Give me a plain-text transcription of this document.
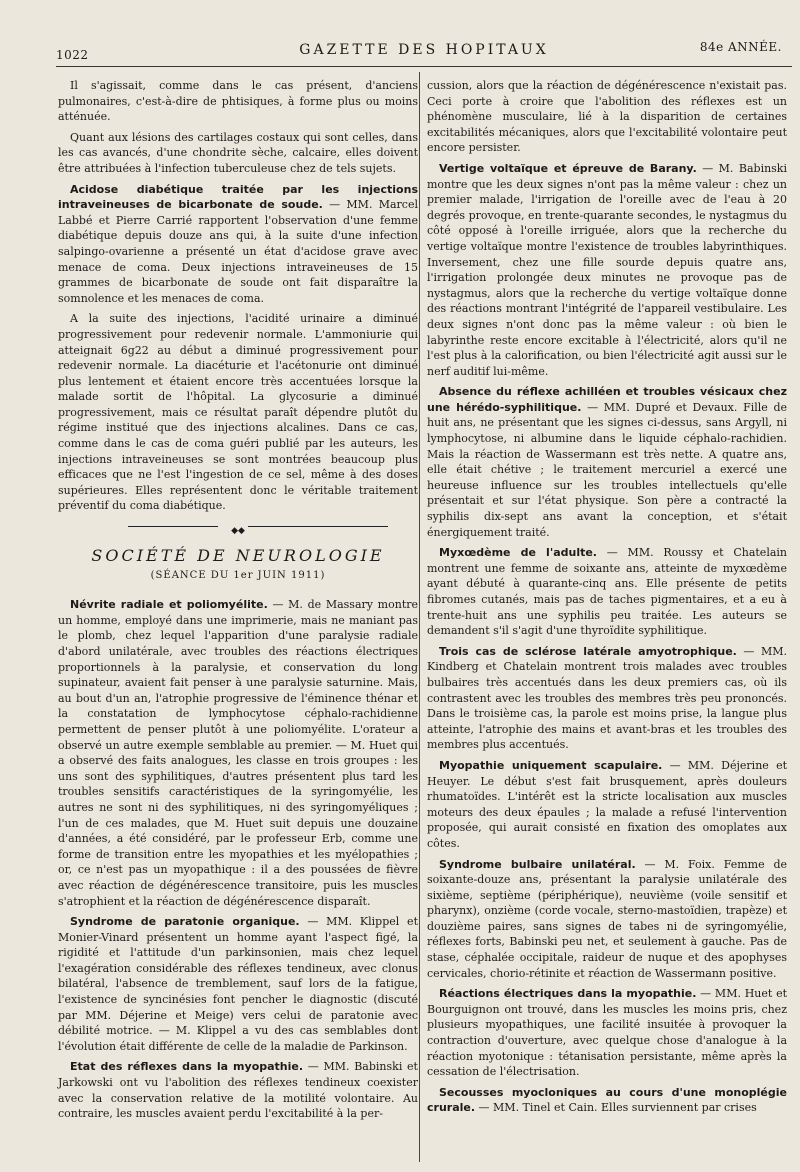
1022	GAZETTE DES HOPITAUX	84e ANNÉE.

Il s'agissait, comme dans le cas présent, d'anciens pulmonaires, c'est-à-dire de phtisiques, à forme plus ou moins atténuée.

Quant aux lésions des cartilages costaux qui sont celles, dans les cas avancés, d'une chondrite sèche, calcaire, elles doivent être attribuées à l'infection tuberculeuse chez de tels sujets.

Acidose diabétique traitée par les injections intraveineuses de bicarbonate de soude. — MM. Marcel Labbé et Pierre Carrié rapportent l'observation d'une femme diabétique depuis douze ans qui, à la suite d'une infection salpingo-ovarienne a présenté un état d'acidose grave avec menace de coma. Deux injections intraveineuses de 15 grammes de bicarbonate de soude ont fait disparaître la somnolence et les menaces de coma.

A la suite des injections, l'acidité urinaire a diminué progressivement pour redevenir normale. L'ammoniurie qui atteignait 6g22 au début a diminué progressivement pour redevenir normale. La diacéturie et l'acétonurie ont diminué plus lentement et étaient encore très accentuées lorsque la malade sortit de l'hôpital. La glycosurie a diminué progressivement, mais ce résultat paraît dépendre plutôt du régime institué que des injections alcalines. Dans ce cas, comme dans le cas de coma guéri publié par les auteurs, les injections intraveineuses se sont montrées beaucoup plus efficaces que ne l'est l'ingestion de ce sel, même à des doses supérieures. Elles représentent donc le véritable traitement préventif du coma diabétique.

◆◆
SOCIÉTÉ DE NEUROLOGIE
(SÉANCE DU 1er JUIN 1911)

Névrite radiale et poliomyélite. — M. de Massary montre un homme, employé dans une imprimerie, mais ne maniant pas le plomb, chez lequel l'apparition d'une paralysie radiale d'abord unilatérale, avec troubles des réactions électriques proportionnels à la paralysie, et conservation du long supinateur, avaient fait penser à une paralysie saturnine. Mais, au bout d'un an, l'atrophie progressive de l'éminence thénar et la constatation de lymphocytose céphalo-rachidienne permettent de penser plutôt à une poliomyélite. L'orateur a observé un autre exemple semblable au premier. — M. Huet qui a observé des faits analogues, les classe en trois groupes : les uns sont des syphilitiques, d'autres présentent plus tard les troubles sensitifs caractéristiques de la syringomyélie, les autres ne sont ni des syphilitiques, ni des syringomyéliques ; l'un de ces malades, que M. Huet suit depuis une douzaine d'années, a été considéré, par le professeur Erb, comme une forme de transition entre les myopathies et les myélopathies ; or, ce n'est pas un myopathique : il a des poussées de fièvre avec réaction de dégénérescence transitoire, puis les muscles s'atrophient et la réaction de dégénérescence disparaît.

Syndrome de paratonie organique. — MM. Klippel et Monier-Vinard présentent un homme ayant l'aspect figé, la rigidité et l'attitude d'un parkinsonien, mais chez lequel l'exagération considérable des réflexes tendineux, avec clonus bilatéral, l'absence de tremblement, sauf lors de la fatigue, l'existence de syncinésies font pencher le diagnostic (discuté par MM. Déjerine et Meige) vers celui de paratonie avec débilité motrice. — M. Klippel a vu des cas semblables dont l'évolution était différente de celle de la maladie de Parkinson.

Etat des réflexes dans la myopathie. — MM. Babinski et Jarkowski ont vu l'abolition des réflexes tendineux coexister avec la conservation relative de la motilité volontaire. Au contraire, les muscles avaient perdu l'excitabilité à la per-

cussion, alors que la réaction de dégénérescence n'existait pas. Ceci porte à croire que l'abolition des réflexes est un phénomène musculaire, lié à la disparition de certaines excitabilités mécaniques, alors que l'excitabilité volontaire peut encore persister.

Vertige voltaïque et épreuve de Barany. — M. Babinski montre que les deux signes n'ont pas la même valeur : chez un premier malade, l'irrigation de l'oreille avec de l'eau à 20 degrés provoque, en trente-quarante secondes, le nystagmus du côté opposé à l'oreille irriguée, alors que la recherche du vertige voltaïque montre l'existence de troubles labyrinthiques. Inversement, chez une fille sourde depuis quatre ans, l'irrigation prolongée deux minutes ne provoque pas de nystagmus, alors que la recherche du vertige voltaïque donne des réactions montrant l'intégrité de l'appareil vestibulaire. Les deux signes n'ont donc pas la même valeur : où bien le labyrinthe reste encore excitable à l'électricité, alors qu'il ne l'est plus à la calorification, ou bien l'électricité agit aussi sur le nerf auditif lui-même.

Absence du réflexe achilléen et troubles vésicaux chez une hérédo-syphilitique. — MM. Dupré et Devaux. Fille de huit ans, ne présentant que les signes ci-dessus, sans Argyll, ni lymphocytose, ni albumine dans le liquide céphalo-rachidien. Mais la réaction de Wassermann est très nette. A quatre ans, elle était chétive ; le traitement mercuriel a exercé une heureuse influence sur les troubles intellectuels qu'elle présentait et sur l'état physique. Son père a contracté la syphilis dix-sept ans avant la conception, et s'était énergiquement traité.

Myxœdème de l'adulte. — MM. Roussy et Chatelain montrent une femme de soixante ans, atteinte de myxœdème ayant débuté à quarante-cinq ans. Elle présente de petits fibromes cutanés, mais pas de taches pigmentaires, et a eu à trente-huit ans une syphilis peu traitée. Les auteurs se demandent s'il s'agit d'une thyroïdite syphilitique.

Trois cas de sclérose latérale amyotrophique. — MM. Kindberg et Chatelain montrent trois malades avec troubles bulbaires très accentués dans les deux premiers cas, où ils contrastent avec les troubles des membres très peu prononcés. Dans le troisième cas, la parole est moins prise, la langue plus atteinte, l'atrophie des mains et avant-bras et les troubles des membres plus accentués.

Myopathie uniquement scapulaire. — MM. Déjerine et Heuyer. Le début s'est fait brusquement, après douleurs rhumatoïdes. L'intérêt est la stricte localisation aux muscles moteurs des deux épaules ; la malade a refusé l'intervention proposée, qui aurait consisté en fixation des omoplates aux côtes.

Syndrome bulbaire unilatéral. — M. Foix. Femme de soixante-douze ans, présentant la paralysie unilatérale des sixième, septième (périphérique), neuvième (voile sensitif et pharynx), onzième (corde vocale, sterno-mastoïdien, trapèze) et douzième paires, sans signes de tabes ni de syringomyélie, réflexes forts, Babinski peu net, et seulement à gauche. Pas de stase, céphalée occipitale, raideur de nuque et des apophyses cervicales, chorio-rétinite et réaction de Wassermann positive.

Réactions électriques dans la myopathie. — MM. Huet et Bourguignon ont trouvé, dans les muscles les moins pris, chez plusieurs myopathiques, une facilité insuitée à provoquer la contraction d'ouverture, avec quelque chose d'analogue à la réaction myotonique : tétanisation persistante, même après la cessation de l'électrisation.

Secousses myocloniques au cours d'une monoplégie crurale. — MM. Tinel et Cain. Elles surviennent par crises
